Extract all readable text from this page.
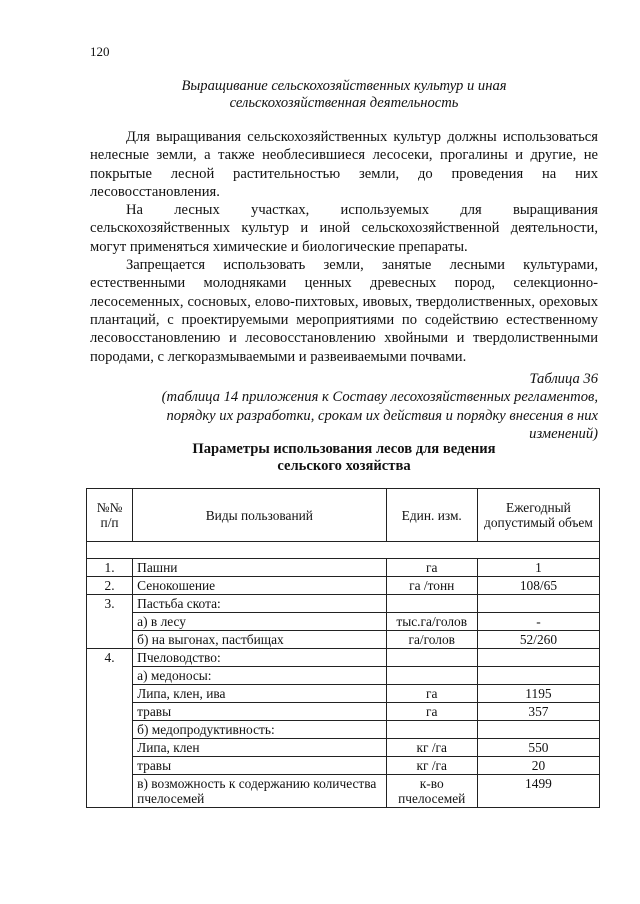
120
Выращивание сельскохозяйственных культур и иная
сельскохозяйственная деятельность

Для выращивания сельскохозяйственных культур должны использоваться нелесные земли, а также необлесившиеся лесосеки, прогалины и другие, не покрытые лесной растительностью земли, до проведения на них лесовосстановления.

На лесных участках, используемых для выращивания сельскохозяйственных культур и иной сельскохозяйственной деятельности, могут применяться химические и биологические препараты.

Запрещается использовать земли, занятые лесными культурами, естественными молодняками ценных древесных пород, селекционно-лесосеменных, сосновых, елово-пихтовых, ивовых, твердолиственных, ореховых плантаций, с проектируемыми мероприятиями по содействию естественному лесовосстановлению и лесовосстановлению хвойными и твердолиственными породами, с легкоразмываемыми и развеиваемыми почвами.

Таблица 36
(таблица 14 приложения к Составу лесохозяйственных регламентов, порядку их разработки, срокам их действия и порядку внесения в них изменений)
Параметры использования лесов для ведения
сельского хозяйства
№№ п/п	Виды пользований	Един. изм.	Ежегодный допустимый объем

1.	Пашни	га	1
2.	Сенокошение	га /тонн	108/65
3.	Пастьба скота:		
	а) в лесу	тыс.га/голов	-
	б) на выгонах, пастбищах	га/голов	52/260
4.	Пчеловодство:		
	а) медоносы:		
	Липа, клен, ива	га	1195
	травы	га	357
	б) медопродуктивность:		
	Липа, клен	кг /га	550
	травы	кг /га	20
	в) возможность к содержанию количества пчелосемей	к-во пчелосемей	1499
